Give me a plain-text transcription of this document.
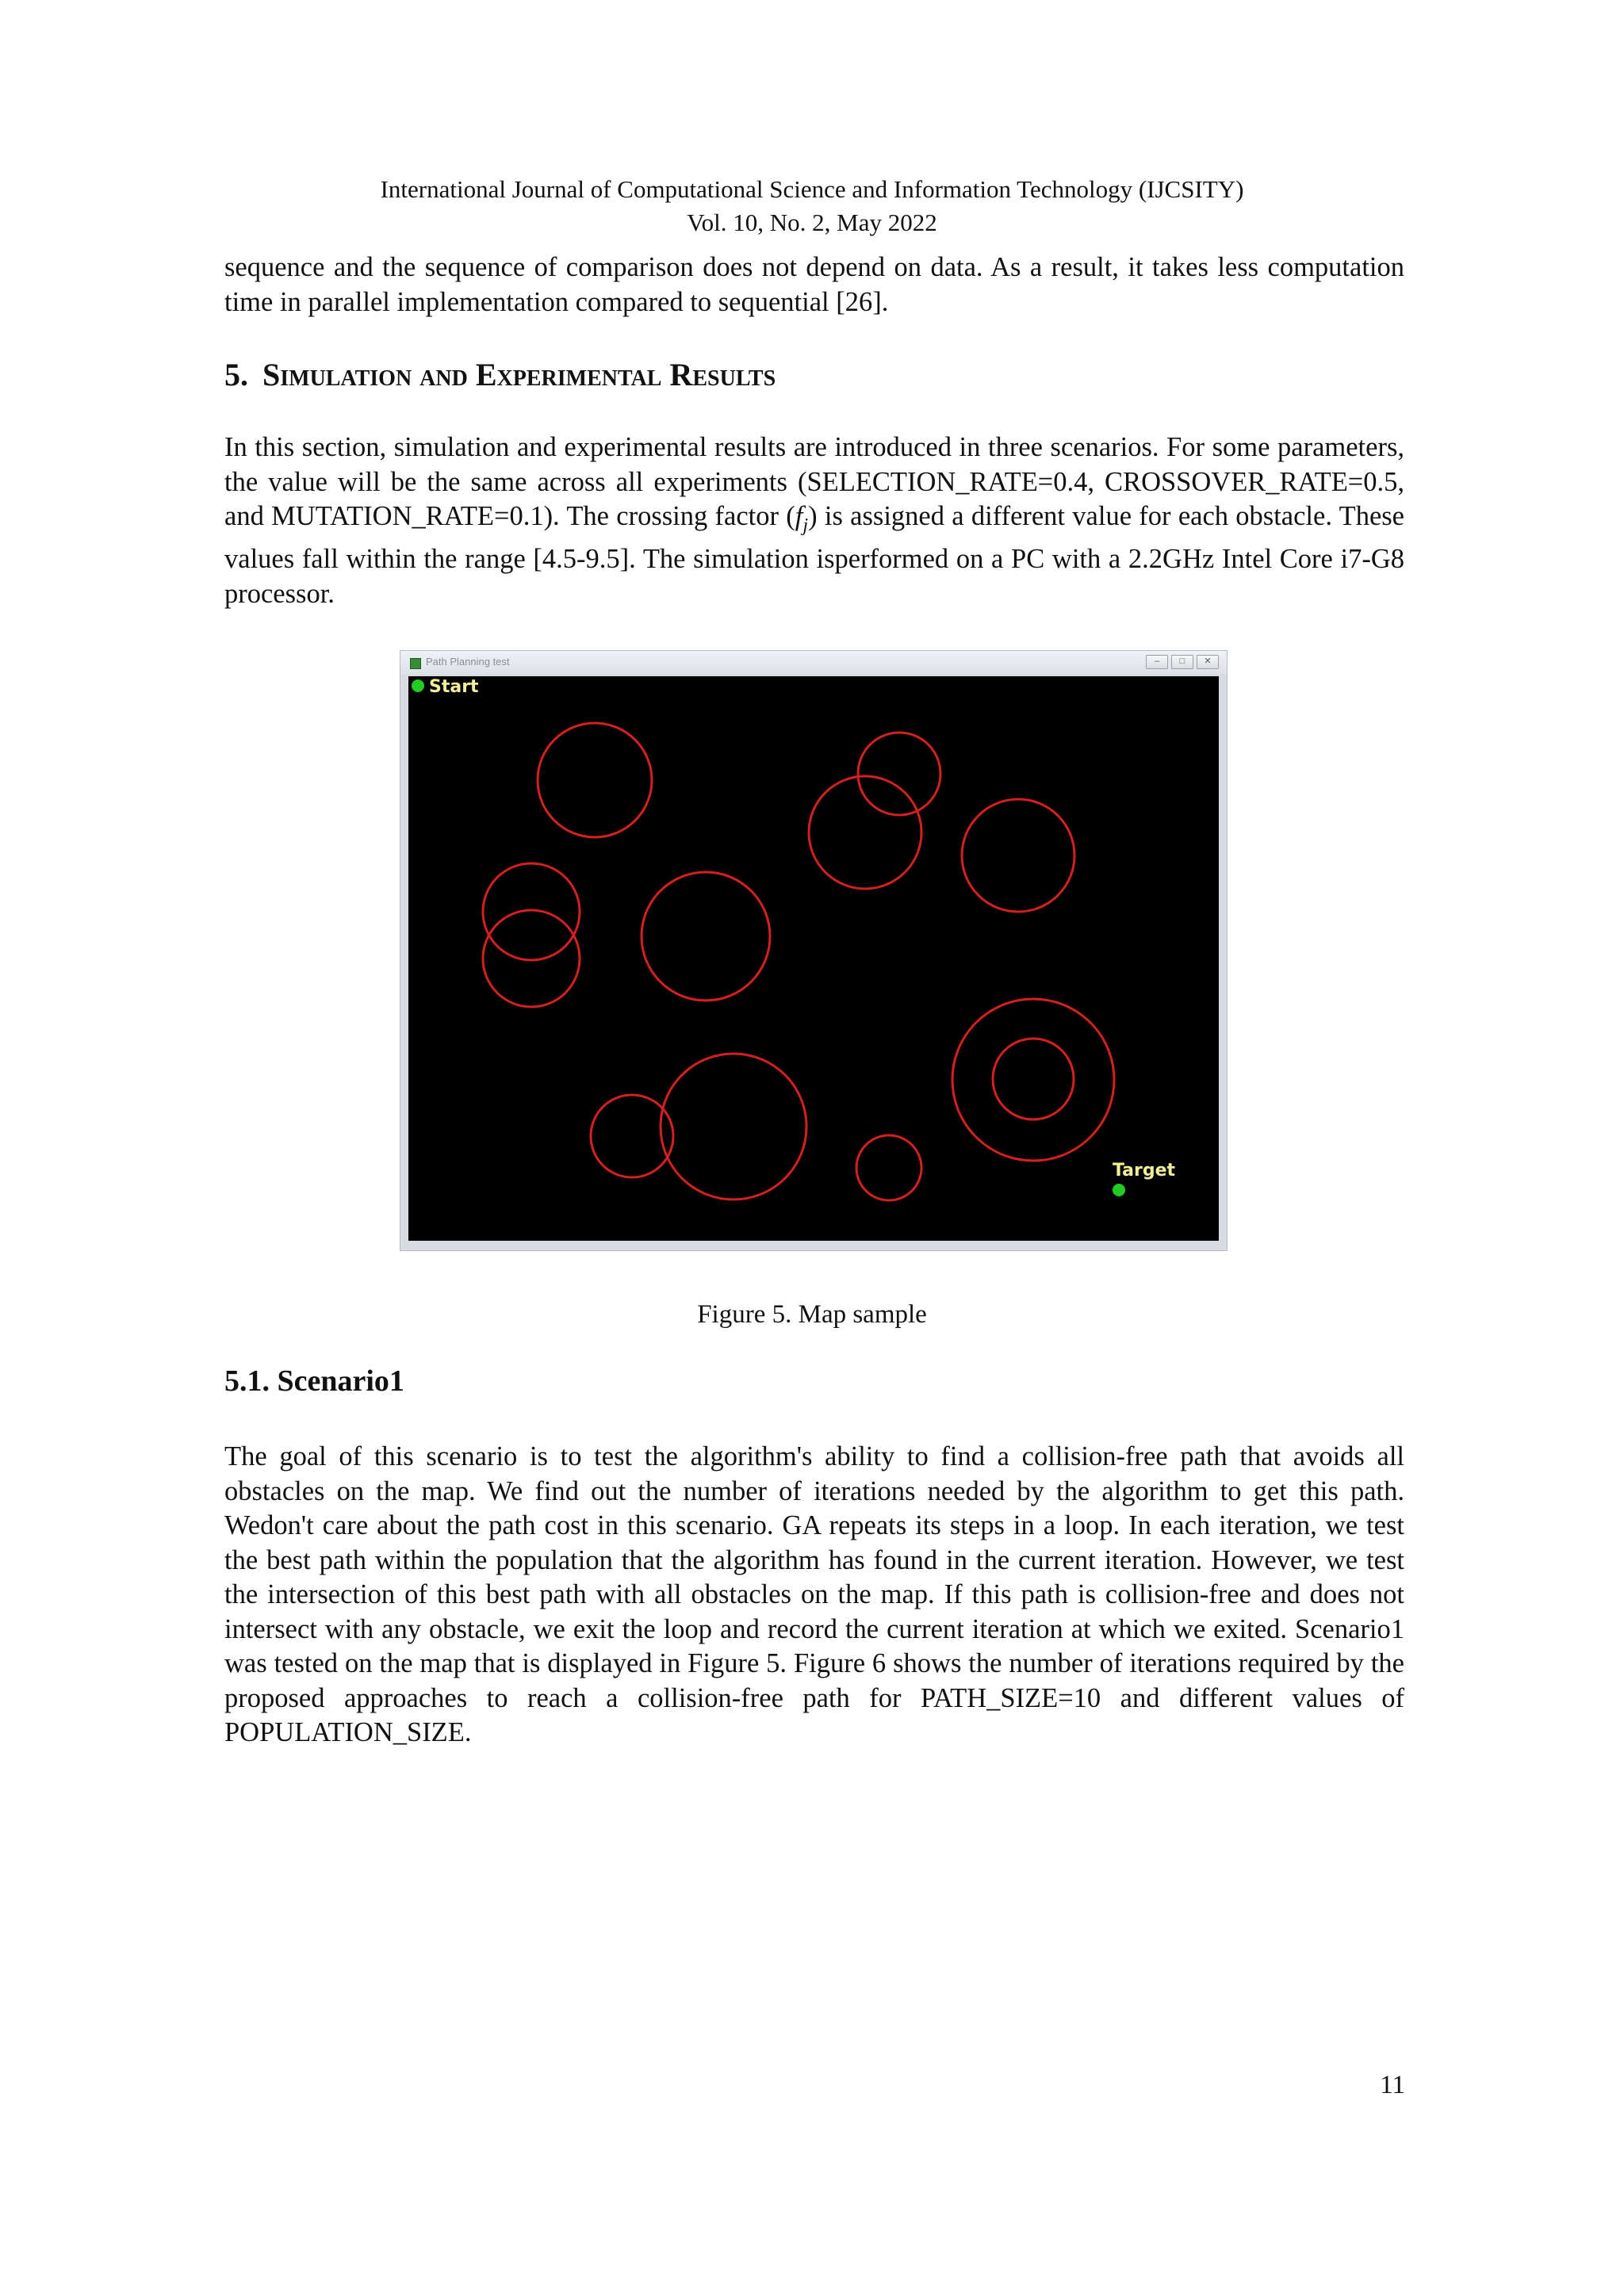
International Journal of Computational Science and Information Technology (IJCSITY)
Vol. 10, No. 2, May 2022

sequence and the sequence of comparison does not depend on data. As a result, it takes less computation time in parallel implementation compared to sequential [26].

5. Simulation and Experimental Results

In this section, simulation and experimental results are introduced in three scenarios. For some parameters, the value will be the same across all experiments (SELECTION_RATE=0.4, CROSSOVER_RATE=0.5, and MUTATION_RATE=0.1). The crossing factor $(f_j)$ is assigned a different value for each obstacle. These values fall within the range [4.5-9.5]. The simulation isperformed on a PC with a 2.2GHz Intel Core i7-G8 processor.

Path Planning test	–	□	✕
Start
Target
Figure 5. Map sample
5.1. Scenario1

The goal of this scenario is to test the algorithm's ability to find a collision-free path that avoids all obstacles on the map. We find out the number of iterations needed by the algorithm to get this path. Wedon't care about the path cost in this scenario. GA repeats its steps in a loop. In each iteration, we test the best path within the population that the algorithm has found in the current iteration. However, we test the intersection of this best path with all obstacles on the map. If this path is collision-free and does not intersect with any obstacle, we exit the loop and record the current iteration at which we exited. Scenario1 was tested on the map that is displayed in Figure 5. Figure 6 shows the number of iterations required by the proposed approaches to reach a collision-free path for PATH_SIZE=10 and different values of POPULATION_SIZE.

11
